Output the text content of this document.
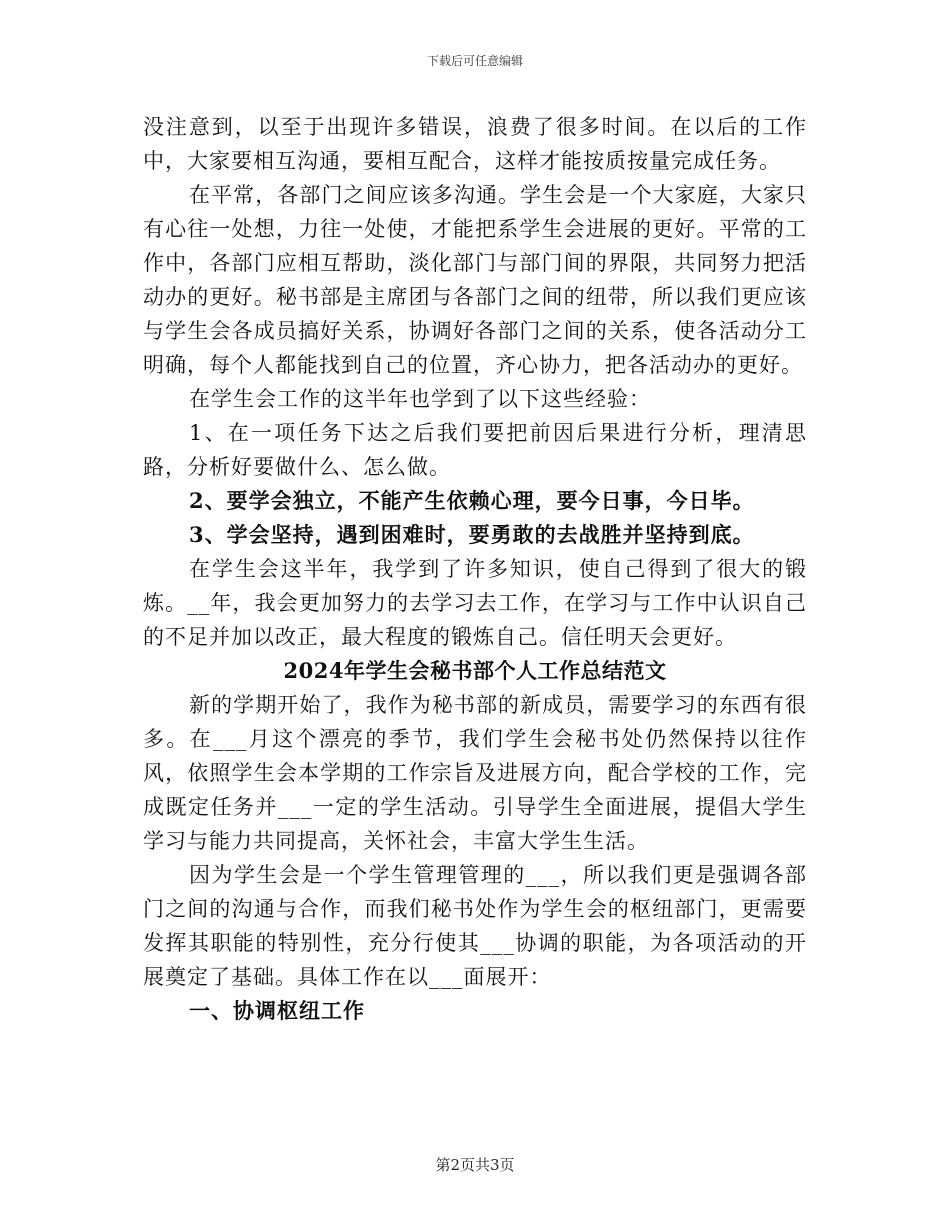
下载后可任意编辑

没注意到，以至于出现许多错误，浪费了很多时间。在以后的工作中，大家要相互沟通，要相互配合，这样才能按质按量完成任务。

在平常，各部门之间应该多沟通。学生会是一个大家庭，大家只有心往一处想，力往一处使，才能把系学生会进展的更好。平常的工作中，各部门应相互帮助，淡化部门与部门间的界限，共同努力把活动办的更好。秘书部是主席团与各部门之间的纽带，所以我们更应该与学生会各成员搞好关系，协调好各部门之间的关系，使各活动分工明确，每个人都能找到自己的位置，齐心协力，把各活动办的更好。

在学生会工作的这半年也学到了以下这些经验：

1、在一项任务下达之后我们要把前因后果进行分析，理清思路，分析好要做什么、怎么做。

2、要学会独立，不能产生依赖心理，要今日事，今日毕。

3、学会坚持，遇到困难时，要勇敢的去战胜并坚持到底。

在学生会这半年，我学到了许多知识，使自己得到了很大的锻炼。__年，我会更加努力的去学习去工作，在学习与工作中认识自己的不足并加以改正，最大程度的锻炼自己。信任明天会更好。

2024年学生会秘书部个人工作总结范文

新的学期开始了，我作为秘书部的新成员，需要学习的东西有很多。在___月这个漂亮的季节，我们学生会秘书处仍然保持以往作风，依照学生会本学期的工作宗旨及进展方向，配合学校的工作，完成既定任务并___一定的学生活动。引导学生全面进展，提倡大学生学习与能力共同提高，关怀社会，丰富大学生生活。

因为学生会是一个学生管理管理的___，所以我们更是强调各部门之间的沟通与合作，而我们秘书处作为学生会的枢纽部门，更需要发挥其职能的特别性，充分行使其___协调的职能，为各项活动的开展奠定了基础。具体工作在以___面展开：

一、协调枢纽工作

第2页共3页
